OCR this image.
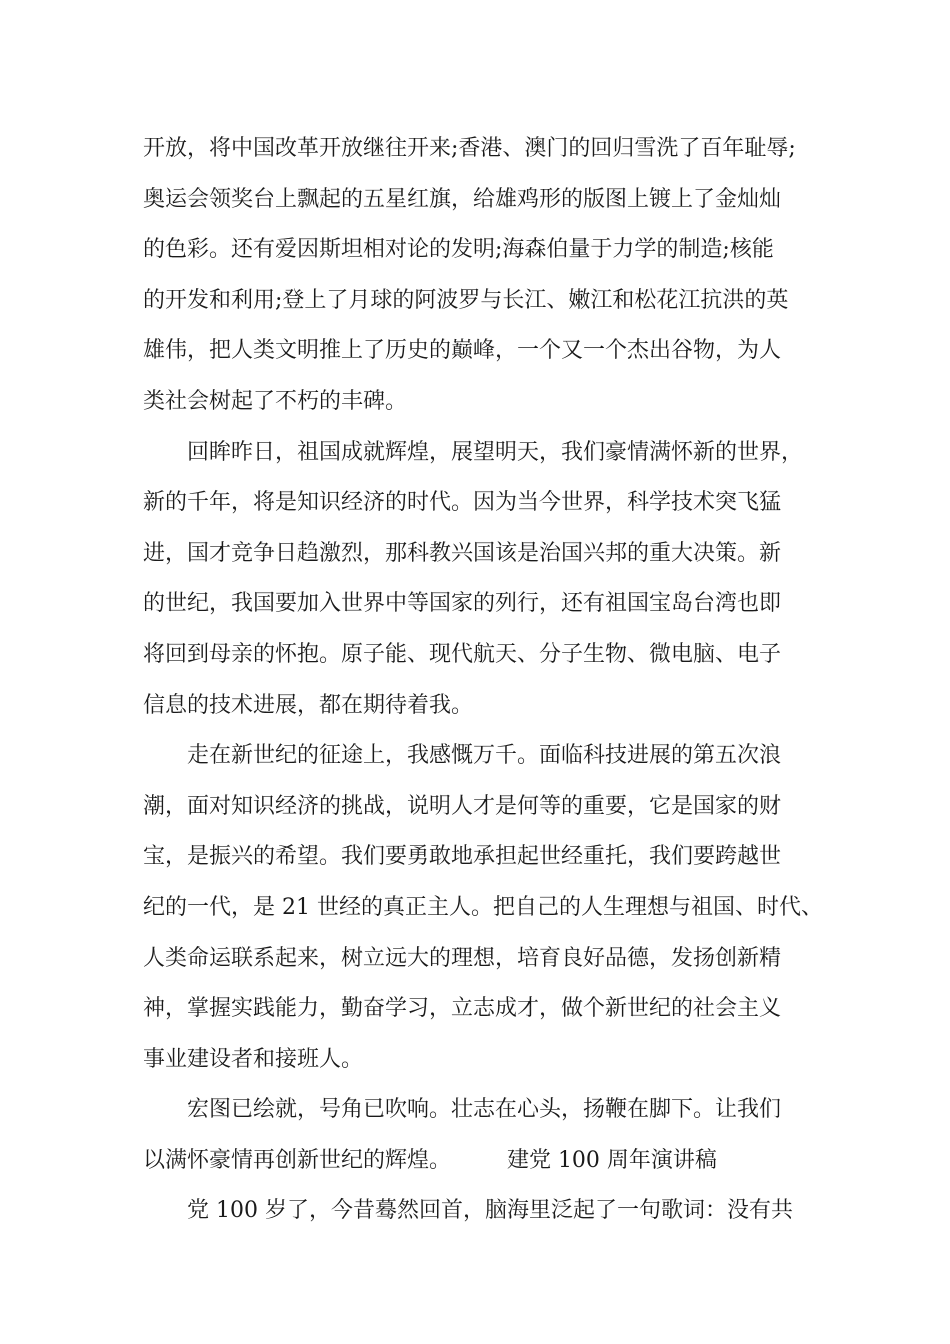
开放，将中国改革开放继往开来;香港、澳门的回归雪洗了百年耻辱;
奥运会领奖台上飘起的五星红旗，给雄鸡形的版图上镀上了金灿灿
的色彩。还有爱因斯坦相对论的发明;海森伯量于力学的制造;核能
的开发和利用;登上了月球的阿波罗与长江、嫩江和松花江抗洪的英
雄伟，把人类文明推上了历史的巅峰，一个又一个杰出谷物，为人
类社会树起了不朽的丰碑。
回眸昨日，祖国成就辉煌，展望明天，我们豪情满怀新的世界，
新的千年，将是知识经济的时代。因为当今世界，科学技术突飞猛
进，国才竞争日趋激烈，那科教兴国该是治国兴邦的重大决策。新
的世纪，我国要加入世界中等国家的列行，还有祖国宝岛台湾也即
将回到母亲的怀抱。原子能、现代航天、分子生物、微电脑、电子
信息的技术进展，都在期待着我。
走在新世纪的征途上，我感慨万千。面临科技进展的第五次浪
潮，面对知识经济的挑战，说明人才是何等的重要，它是国家的财
宝，是振兴的希望。我们要勇敢地承担起世经重托，我们要跨越世
纪的一代，是 21 世经的真正主人。把自己的人生理想与祖国、时代、
人类命运联系起来，树立远大的理想，培育良好品德，发扬创新精
神，掌握实践能力，勤奋学习，立志成才，做个新世纪的社会主义
事业建设者和接班人。
宏图已绘就，号角已吹响。壮志在心头，扬鞭在脚下。让我们
以满怀豪情再创新世纪的辉煌。        建党 100 周年演讲稿
党 100 岁了，今昔蓦然回首，脑海里泛起了一句歌词：没有共
